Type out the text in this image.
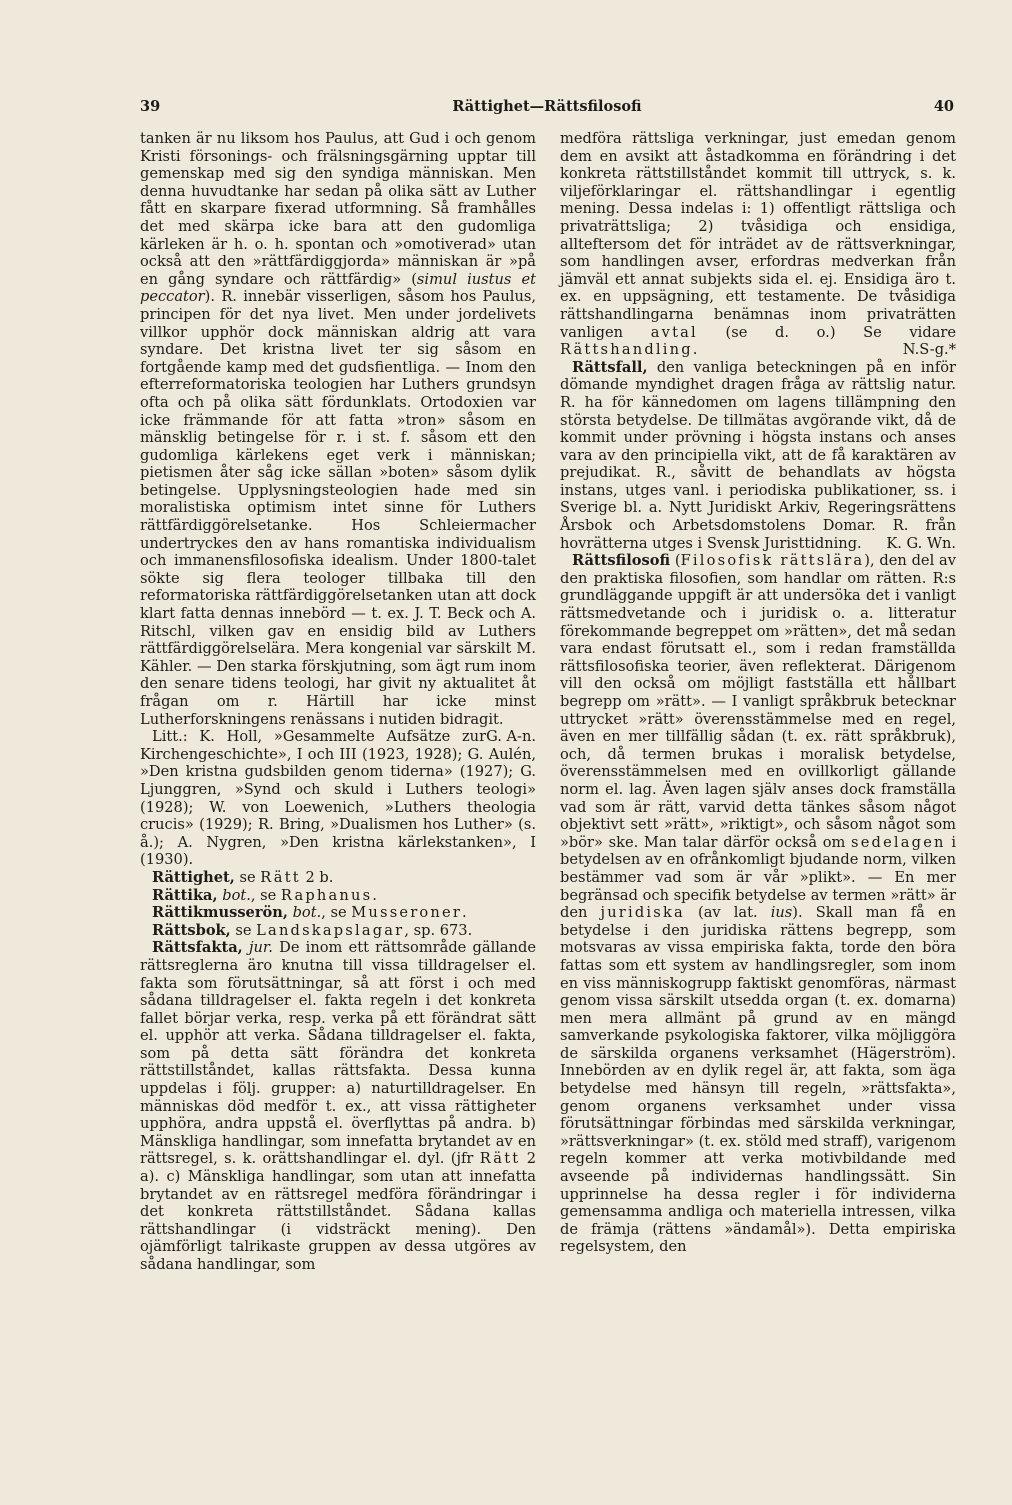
39	Rättighet—Rättsfilosofi	40

tanken är nu liksom hos Paulus, att Gud i och genom Kristi försonings- och frälsningsgärning upptar till gemenskap med sig den syndiga människan. Men denna huvudtanke har sedan på olika sätt av Luther fått en skarpare fixerad utformning. Så framhålles det med skärpa icke bara att den gudomliga kärleken är h. o. h. spontan och »omotiverad» utan också att den »rättfärdiggjorda» människan är »på en gång syndare och rättfärdig» (simul iustus et peccator). R. innebär visserligen, såsom hos Paulus, principen för det nya livet. Men under jordelivets villkor upphör dock människan aldrig att vara syndare. Det kristna livet ter sig såsom en fortgående kamp med det gudsfientliga. — Inom den efterreformatoriska teologien har Luthers grundsyn ofta och på olika sätt fördunklats. Ortodoxien var icke främmande för att fatta »tron» såsom en mänsklig betingelse för r. i st. f. såsom ett den gudomliga kärlekens eget verk i människan; pietismen åter såg icke sällan »boten» såsom dylik betingelse. Upplysningsteologien hade med sin moralistiska optimism intet sinne för Luthers rättfärdiggörelsetanke. Hos Schleiermacher undertryckes den av hans romantiska individualism och immanensfilosofiska idealism. Under 1800-talet sökte sig flera teologer tillbaka till den reformatoriska rättfärdiggörelsetanken utan att dock klart fatta dennas innebörd — t. ex. J. T. Beck och A. Ritschl, vilken gav en ensidig bild av Luthers rättfärdiggörelselära. Mera kongenial var särskilt M. Kähler. — Den starka förskjutning, som ägt rum inom den senare tidens teologi, har givit ny aktualitet åt frågan om r. Härtill har icke minst Lutherforskningens renässans i nutiden bidragit.
G. A-n.

Litt.: K. Holl, »Gesammelte Aufsätze zur Kirchengeschichte», I och III (1923, 1928); G. Aulén, »Den kristna gudsbilden genom tiderna» (1927); G. Ljunggren, »Synd och skuld i Luthers teologi» (1928); W. von Loewenich, »Luthers theologia crucis» (1929); R. Bring, »Dualismen hos Luther» (s. å.); A. Nygren, »Den kristna kärlekstanken», I (1930).

Rättighet, se Rätt 2 b.

Rättika, bot., se Raphanus.

Rättikmusserön, bot., se Musseroner.

Rättsbok, se Landskapslagar, sp. 673.

Rättsfakta, jur. De inom ett rättsområde gällande rättsreglerna äro knutna till vissa tilldragelser el. fakta som förutsättningar, så att först i och med sådana tilldragelser el. fakta regeln i det konkreta fallet börjar verka, resp. verka på ett förändrat sätt el. upphör att verka. Sådana tilldragelser el. fakta, som på detta sätt förändra det konkreta rättstillståndet, kallas rättsfakta. Dessa kunna uppdelas i följ. grupper: a) naturtilldragelser. En människas död medför t. ex., att vissa rättigheter upphöra, andra uppstå el. överflyttas på andra. b) Mänskliga handlingar, som innefatta brytandet av en rättsregel, s. k. orättshandlingar el. dyl. (jfr Rätt 2 a). c) Mänskliga handlingar, som utan att innefatta brytandet av en rättsregel medföra förändringar i det konkreta rättstillståndet. Sådana kallas rättshandlingar (i vidsträckt mening). Den ojämförligt talrikaste gruppen av dessa utgöres av sådana handlingar, som

medföra rättsliga verkningar, just emedan genom dem en avsikt att åstadkomma en förändring i det konkreta rättstillståndet kommit till uttryck, s. k. viljeförklaringar el. rättshandlingar i egentlig mening. Dessa indelas i: 1) offentligt rättsliga och privaträttsliga; 2) tvåsidiga och ensidiga, allteftersom det för inträdet av de rättsverkningar, som handlingen avser, erfordras medverkan från jämväl ett annat subjekts sida el. ej. Ensidiga äro t. ex. en uppsägning, ett testamente. De tvåsidiga rättshandlingarna benämnas inom privaträtten vanligen avtal (se d. o.) Se vidare Rättshandling.	N.S-g.*

Rättsfall, den vanliga beteckningen på en inför dömande myndighet dragen fråga av rättslig natur. R. ha för kännedomen om lagens tillämpning den största betydelse. De tillmätas avgörande vikt, då de kommit under prövning i högsta instans och anses vara av den principiella vikt, att de få karaktären av prejudikat. R., såvitt de behandlats av högsta instans, utges vanl. i periodiska publikationer, ss. i Sverige bl. a. Nytt Juridiskt Arkiv, Regeringsrättens Årsbok och Arbetsdomstolens Domar. R. från hovrätterna utges i Svensk Juristtidning.	K. G. Wn.

Rättsfilosofi (Filosofisk rättslära), den del av den praktiska filosofien, som handlar om rätten. R:s grundläggande uppgift är att undersöka det i vanligt rättsmedvetande och i juridisk o. a. litteratur förekommande begreppet om »rätten», det må sedan vara endast förutsatt el., som i redan framställda rättsfilosofiska teorier, även reflekterat. Därigenom vill den också om möjligt fastställa ett hållbart begrepp om »rätt». — I vanligt språkbruk betecknar uttrycket »rätt» överensstämmelse med en regel, även en mer tillfällig sådan (t. ex. rätt språkbruk), och, då termen brukas i moralisk betydelse, överensstämmelsen med en ovillkorligt gällande norm el. lag. Även lagen själv anses dock framställa vad som är rätt, varvid detta tänkes såsom något objektivt sett »rätt», »riktigt», och såsom något som »bör» ske. Man talar därför också om sedelagen i betydelsen av en ofrånkomligt bjudande norm, vilken bestämmer vad som är vår »plikt». — En mer begränsad och specifik betydelse av termen »rätt» är den juridiska (av lat. ius). Skall man få en betydelse i den juridiska rättens begrepp, som motsvaras av vissa empiriska fakta, torde den böra fattas som ett system av handlingsregler, som inom en viss människogrupp faktiskt genomföras, närmast genom vissa särskilt utsedda organ (t. ex. domarna) men mera allmänt på grund av en mängd samverkande psykologiska faktorer, vilka möjliggöra de särskilda organens verksamhet (Hägerström). Innebörden av en dylik regel är, att fakta, som äga betydelse med hänsyn till regeln, »rättsfakta», genom organens verksamhet under vissa förutsättningar förbindas med särskilda verkningar, »rättsverkningar» (t. ex. stöld med straff), varigenom regeln kommer att verka motivbildande med avseende på individernas handlingssätt. Sin upprinnelse ha dessa regler i för individerna gemensamma andliga och materiella intressen, vilka de främja (rättens »ändamål»). Detta empiriska regelsystem, den
